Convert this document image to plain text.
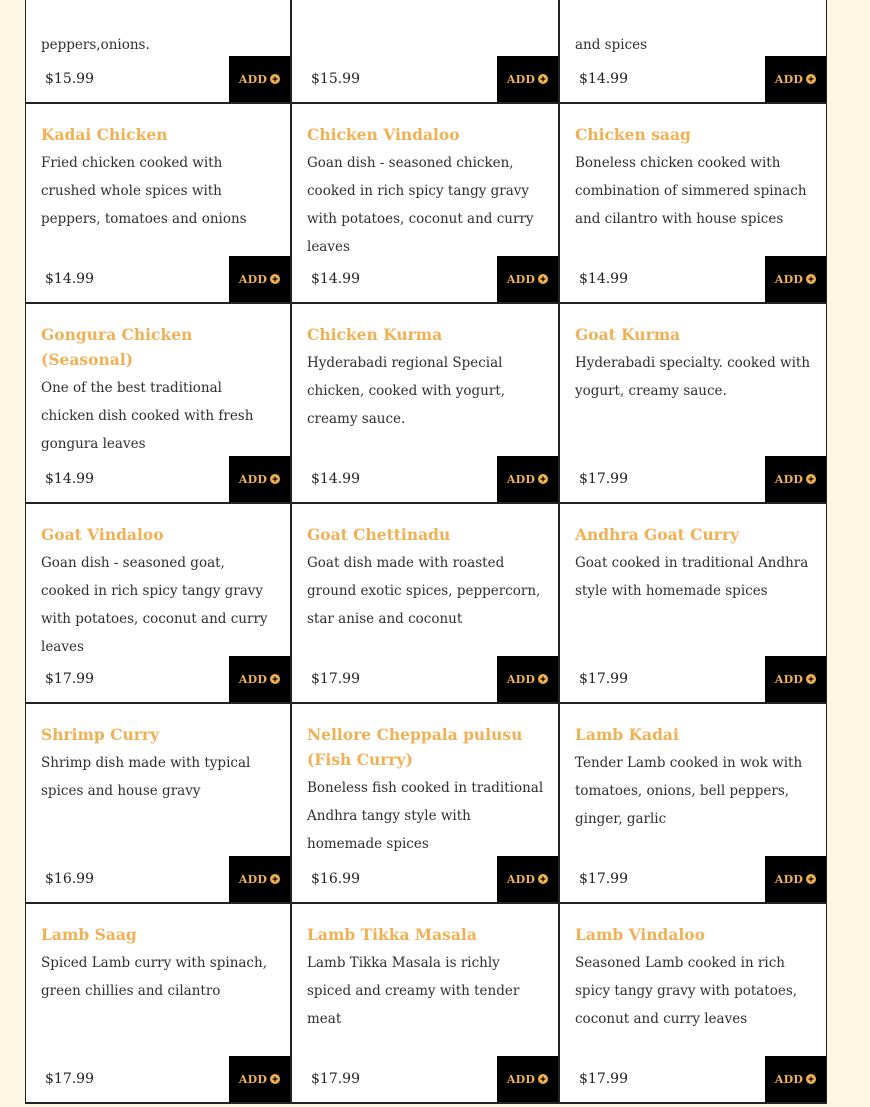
peppers,onions.

$15.99	ADD	$15.99	ADD

and spices

$14.99	ADD
Kadai Chicken

Fried chicken cooked with crushed whole spices with peppers, tomatoes and onions

$14.99	ADD
Chicken Vindaloo

Goan dish - seasoned chicken, cooked in rich spicy tangy gravy with potatoes, coconut and curry leaves

$14.99	ADD
Chicken saag

Boneless chicken cooked with combination of simmered spinach and cilantro with house spices

$14.99	ADD
Gongura Chicken (Seasonal)

One of the best traditional chicken dish cooked with fresh gongura leaves

$14.99	ADD
Chicken Kurma

Hyderabadi regional Special chicken, cooked with yogurt, creamy sauce.

$14.99	ADD
Goat Kurma

Hyderabadi specialty. cooked with yogurt, creamy sauce.

$17.99	ADD
Goat Vindaloo

Goan dish - seasoned goat, cooked in rich spicy tangy gravy with potatoes, coconut and curry leaves

$17.99	ADD
Goat Chettinadu

Goat dish made with roasted ground exotic spices, peppercorn, star anise and coconut

$17.99	ADD
Andhra Goat Curry

Goat cooked in traditional Andhra style with homemade spices

$17.99	ADD
Shrimp Curry

Shrimp dish made with typical spices and house gravy

$16.99	ADD
Nellore Cheppala pulusu (Fish Curry)

Boneless fish cooked in traditional Andhra tangy style with homemade spices

$16.99	ADD
Lamb Kadai

Tender Lamb cooked in wok with tomatoes, onions, bell peppers, ginger, garlic

$17.99	ADD
Lamb Saag

Spiced Lamb curry with spinach, green chillies and cilantro

$17.99	ADD
Lamb Tikka Masala

Lamb Tikka Masala is richly spiced and creamy with tender meat

$17.99	ADD
Lamb Vindaloo

Seasoned Lamb cooked in rich spicy tangy gravy with potatoes, coconut and curry leaves

$17.99	ADD
